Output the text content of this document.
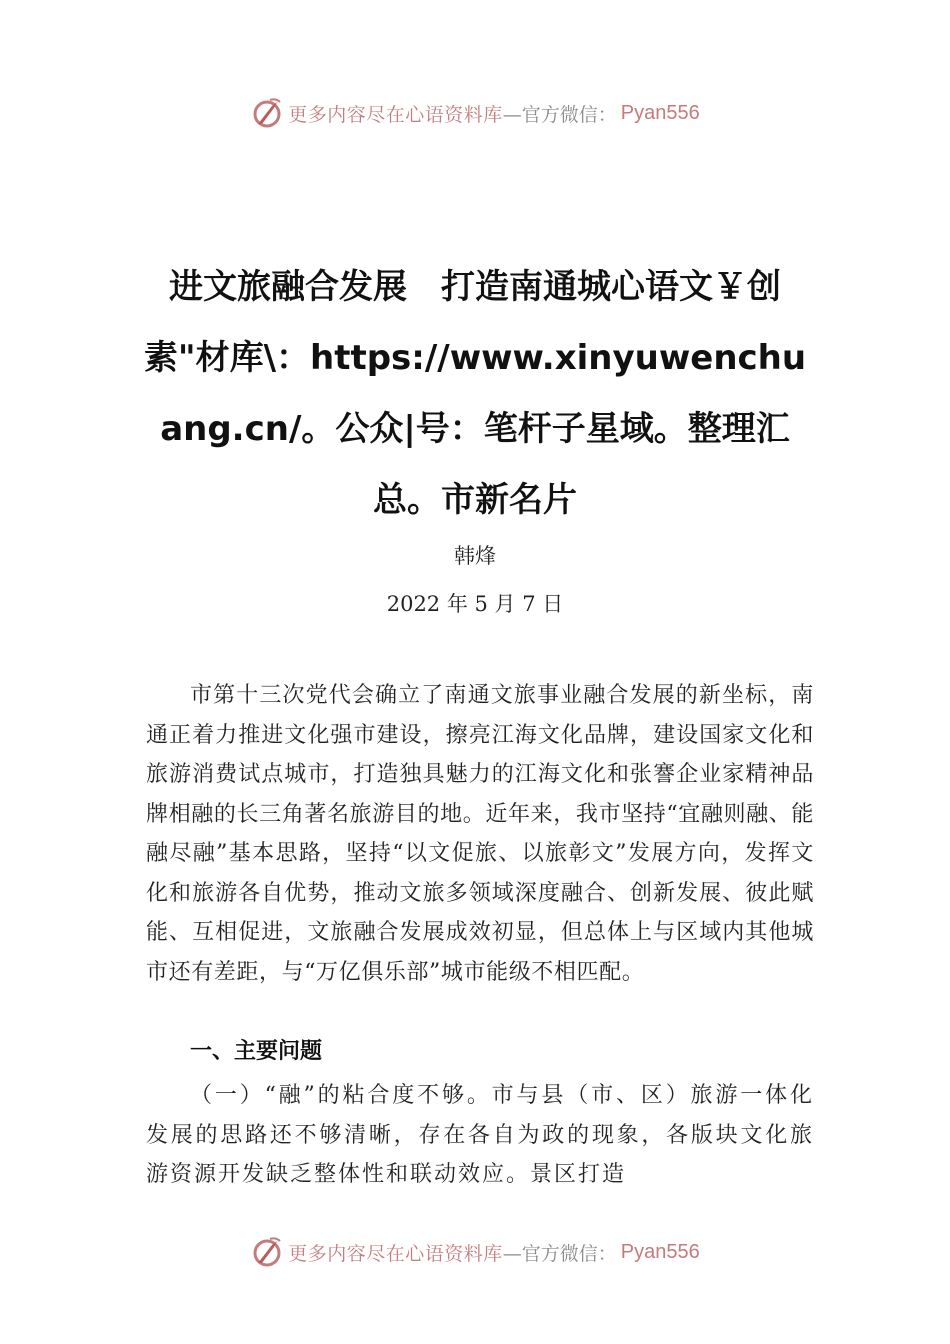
更多内容尽在心语资料库 —官方微信： Pyan556
进文旅融合发展　打造南通城心语文￥创素"材库\：https://www.xinyuwenchuang.cn/。公众|号：笔杆子星域。整理汇总。市新名片
韩烽
2022 年 5 月 7 日

市第十三次党代会确立了南通文旅事业融合发展的新坐标，南通正着力推进文化强市建设，擦亮江海文化品牌，建设国家文化和旅游消费试点城市，打造独具魅力的江海文化和张謇企业家精神品牌相融的长三角著名旅游目的地。近年来，我市坚持“宜融则融、能融尽融”基本思路，坚持“以文促旅、以旅彰文”发展方向，发挥文化和旅游各自优势，推动文旅多领域深度融合、创新发展、彼此赋能、互相促进，文旅融合发展成效初显，但总体上与区域内其他城市还有差距，与“万亿俱乐部”城市能级不相匹配。

一、主要问题

（一）“融”的粘合度不够。市与县（市、区）旅游一体化发展的思路还不够清晰，存在各自为政的现象，各版块文化旅游资源开发缺乏整体性和联动效应。景区打造

更多内容尽在心语资料库 —官方微信： Pyan556
